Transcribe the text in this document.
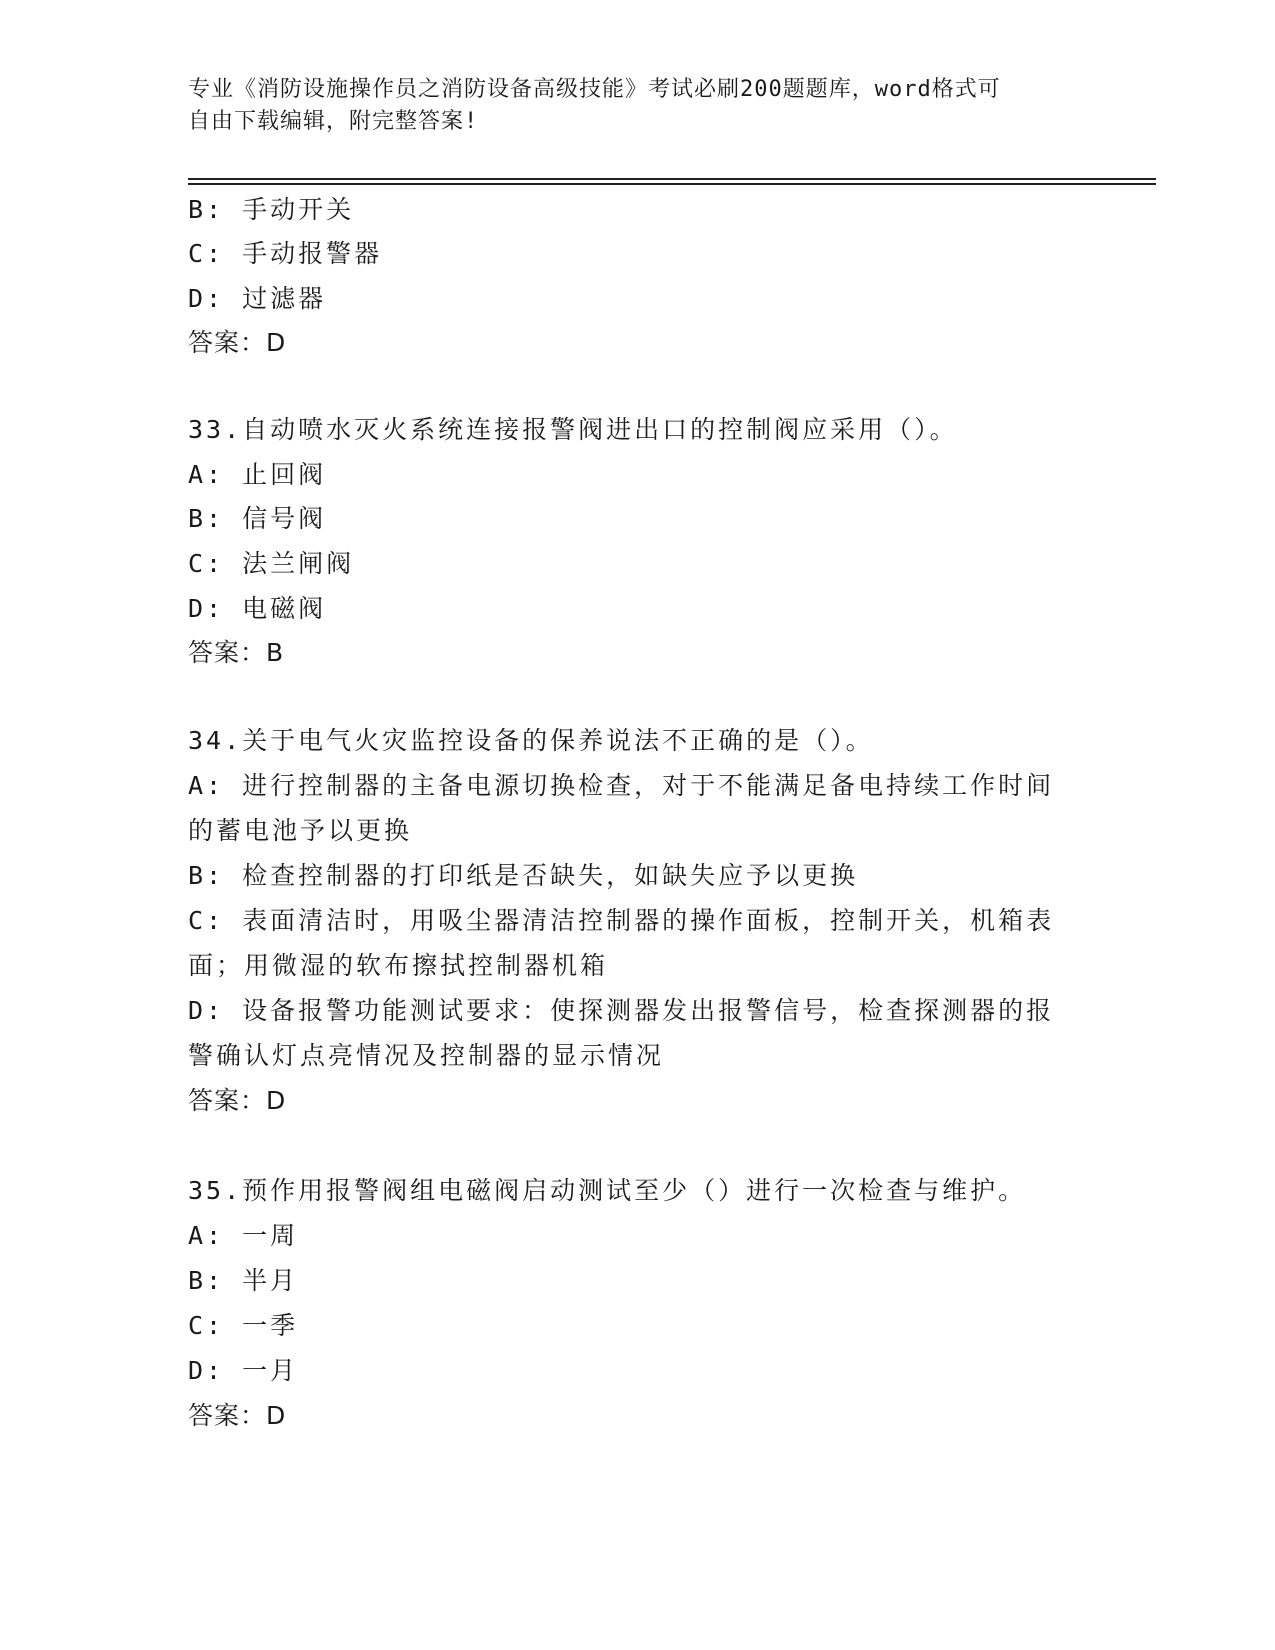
专业《消防设施操作员之消防设备高级技能》考试必刷200题题库，word格式可
自由下载编辑，附完整答案!
B: 手动开关
C: 手动报警器
D: 过滤器
答案：D
33.自动喷水灭火系统连接报警阀进出口的控制阀应采用（）。
A: 止回阀
B: 信号阀
C: 法兰闸阀
D: 电磁阀
答案：B
34.关于电气火灾监控设备的保养说法不正确的是（）。
A: 进行控制器的主备电源切换检查，对于不能满足备电持续工作时间
的蓄电池予以更换
B: 检查控制器的打印纸是否缺失，如缺失应予以更换
C: 表面清洁时，用吸尘器清洁控制器的操作面板，控制开关，机箱表
面；用微湿的软布擦拭控制器机箱
D: 设备报警功能测试要求：使探测器发出报警信号，检查探测器的报
警确认灯点亮情况及控制器的显示情况
答案：D
35.预作用报警阀组电磁阀启动测试至少（）进行一次检查与维护。
A: 一周
B: 半月
C: 一季
D: 一月
答案：D
